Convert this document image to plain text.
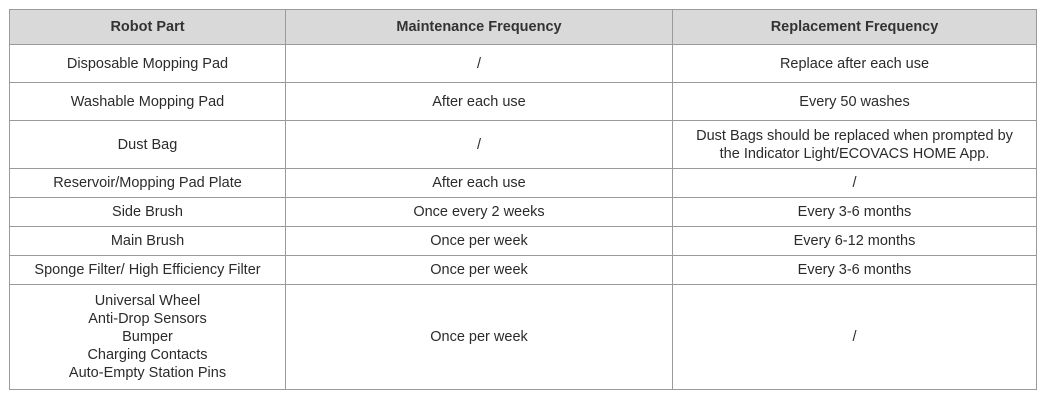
Robot Part	Maintenance Frequency	Replacement Frequency

Disposable Mopping Pad	/	Replace after each use

Washable Mopping Pad	After each use	Every 50 washes

Dust Bag	/	Dust Bags should be replaced when prompted by
the Indicator Light/ECOVACS HOME App.

Reservoir/Mopping Pad Plate	After each use	/

Side Brush	Once every 2 weeks	Every 3-6 months

Main Brush	Once per week	Every 6-12 months

Sponge Filter/ High Efficiency Filter	Once per week	Every 3-6 months

Universal Wheel
Anti-Drop Sensors
Bumper
Charging Contacts
Auto-Empty Station Pins	Once per week	/
